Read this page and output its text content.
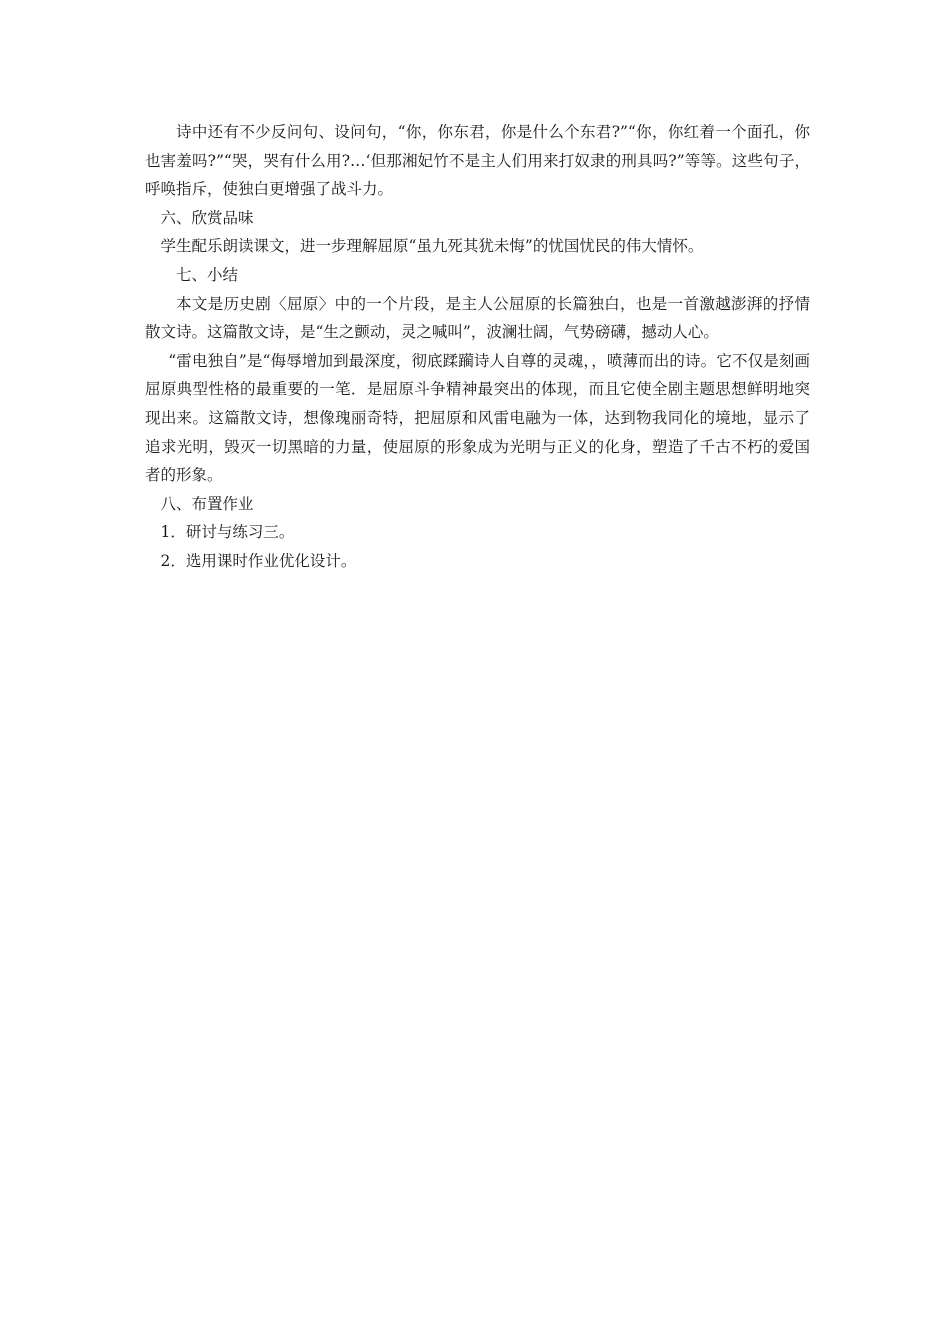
诗中还有不少反问句、设问句，“你，你东君，你是什么个东君?”“你，你红着一个面孔，你也害羞吗?”“哭，哭有什么用?…‘但那湘妃竹不是主人们用来打奴隶的刑具吗?”等等。这些句子，呼唤指斥，使独白更增强了战斗力。

六、欣赏品味

学生配乐朗读课文，进一步理解屈原“虽九死其犹未悔”的忧国忧民的伟大情怀。

七、小结

本文是历史剧〈屈原〉中的一个片段，是主人公屈原的长篇独白，也是一首激越澎湃的抒情散文诗。这篇散文诗，是“生之颤动，灵之喊叫”，波澜壮阔，气势磅礴，撼动人心。

“雷电独自”是“侮辱增加到最深度，彻底蹂躏诗人自尊的灵魂，，喷薄而出的诗。它不仅是刻画屈原典型性格的最重要的一笔．是屈原斗争精神最突出的体现，而且它使全剧主题思想鲜明地突现出来。这篇散文诗，想像瑰丽奇特，把屈原和风雷电融为一体，达到物我同化的境地，显示了追求光明，毁灭一切黑暗的力量，使屈原的形象成为光明与正义的化身，塑造了千古不朽的爱国者的形象。

八、布置作业

1．研讨与练习三。

2．选用课时作业优化设计。
